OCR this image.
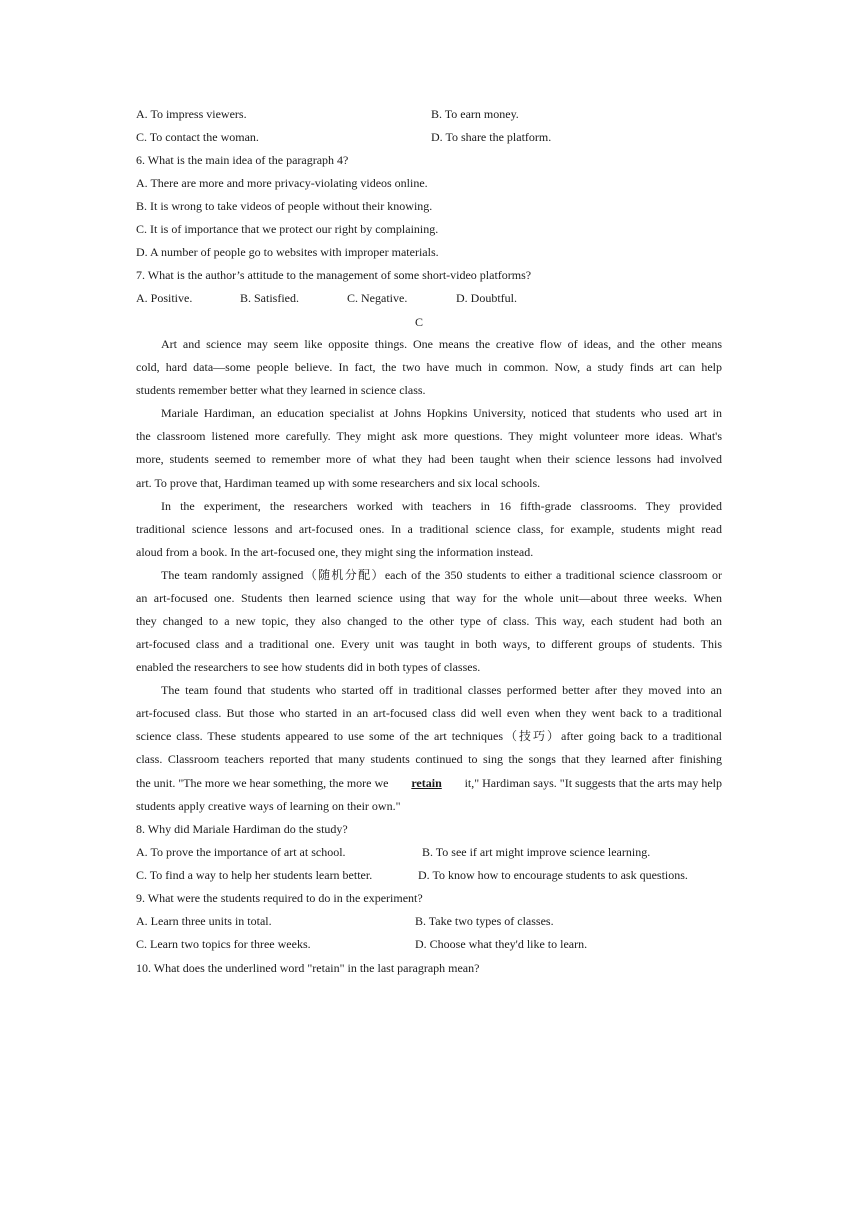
A. To impress viewers.	B. To earn money.
C. To contact the woman.	D. To share the platform.
6. What is the main idea of the paragraph 4?
A. There are more and more privacy-violating videos online.
B. It is wrong to take videos of people without their knowing.
C. It is of importance that we protect our right by complaining.
D. A number of people go to websites with improper materials.
7. What is the author’s attitude to the management of some short-video platforms?
A. Positive.	B. Satisfied.	C. Negative.	D. Doubtful.
C
Art and science may seem like opposite things. One means the creative flow of ideas, and the other means
cold, hard data—some people believe. In fact, the two have much in common. Now, a study finds art can help
students remember better what they learned in science class.
Mariale Hardiman, an education specialist at Johns Hopkins University, noticed that students who used art in
the classroom listened more carefully. They might ask more questions. They might volunteer more ideas. What's
more, students seemed to remember more of what they had been taught when their science lessons had involved
art. To prove that, Hardiman teamed up with some researchers and six local schools.
In the experiment, the researchers worked with teachers in 16 fifth-grade classrooms. They provided
traditional science lessons and art-focused ones. In a traditional science class, for example, students might read
aloud from a book. In the art-focused one, they might sing the information instead.
The team randomly assigned（随机分配）each of the 350 students to either a traditional science classroom or
an art-focused one. Students then learned science using that way for the whole unit—about three weeks. When
they changed to a new topic, they also changed to the other type of class. This way, each student had both an
art-focused class and a traditional one. Every unit was taught in both ways, to different groups of students. This
enabled the researchers to see how students did in both types of classes.
The team found that students who started off in traditional classes performed better after they moved into an
art-focused class. But those who started in an art-focused class did well even when they went back to a traditional
science class. These students appeared to use some of the art techniques（技巧）after going back to a traditional
class. Classroom teachers reported that many students continued to sing the songs that they learned after finishing
the unit. "The more we hear something, the more we retain it," Hardiman says. "It suggests that the arts may help
students apply creative ways of learning on their own."
8. Why did Mariale Hardiman do the study?
A. To prove the importance of art at school.	B. To see if art might improve science learning.
C. To find a way to help her students learn better.	D. To know how to encourage students to ask questions.
9. What were the students required to do in the experiment?
A. Learn three units in total.	B. Take two types of classes.
C. Learn two topics for three weeks.	D. Choose what they'd like to learn.
10. What does the underlined word "retain" in the last paragraph mean?
